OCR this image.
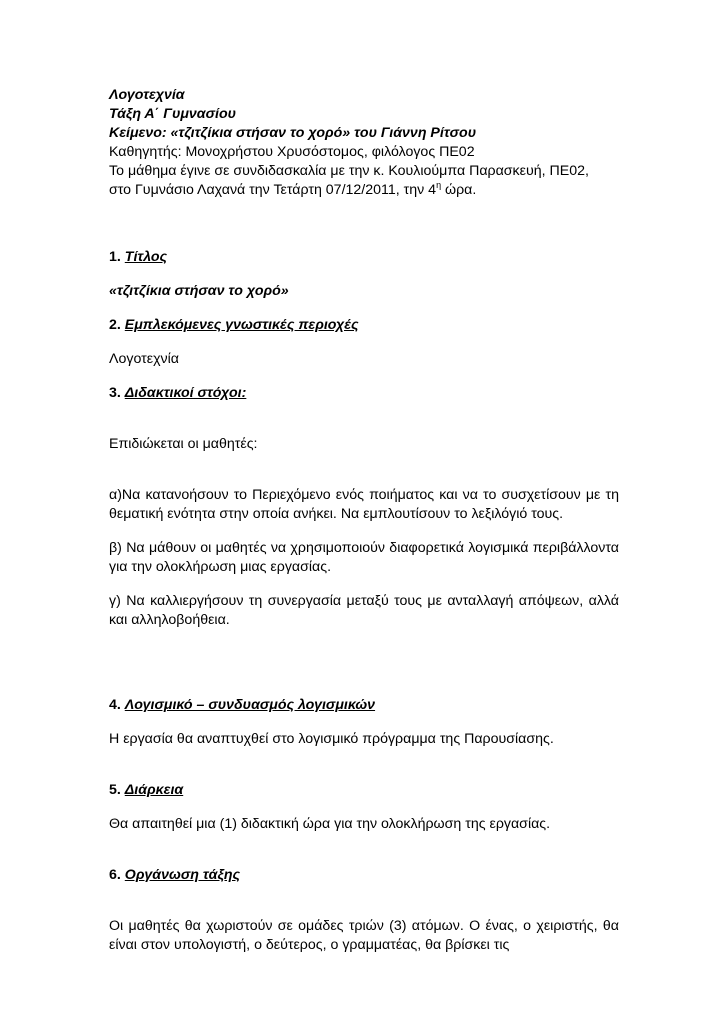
Λογοτεχνία

Τάξη Α΄ Γυμνασίου

Κείμενο: «τζιτζίκια στήσαν το χορό» του Γιάννη Ρίτσου

Καθηγητής: Μονοχρήστου Χρυσόστομος, φιλόλογος ΠΕ02

Το μάθημα έγινε σε συνδιδασκαλία με την κ. Κουλιούμπα Παρασκευή, ΠΕ02,

στο Γυμνάσιο Λαχανά την Τετάρτη 07/12/2011, την $4^\eta$ ώρα.

1. Τίτλος

«τζιτζίκια στήσαν το χορό»

2. Εμπλεκόμενες γνωστικές περιοχές

Λογοτεχνία

3. Διδακτικοί στόχοι:

Επιδιώκεται οι μαθητές:

α)Να κατανοήσουν το Περιεχόμενο ενός ποιήματος και να το συσχετίσουν με τη θεματική ενότητα στην οποία ανήκει. Να εμπλουτίσουν το λεξιλόγιό τους.

β) Να μάθουν οι μαθητές να χρησιμοποιούν διαφορετικά λογισμικά περιβάλλοντα για την ολοκλήρωση μιας εργασίας.

γ) Να καλλιεργήσουν τη συνεργασία μεταξύ τους με ανταλλαγή απόψεων, αλλά και αλληλοβοήθεια.

4. Λογισμικό – συνδυασμός λογισμικών

Η εργασία θα αναπτυχθεί στο λογισμικό πρόγραμμα της Παρουσίασης.

5. Διάρκεια

Θα απαιτηθεί μια (1) διδακτική ώρα για την ολοκλήρωση της εργασίας.

6. Οργάνωση τάξης

Οι μαθητές θα χωριστούν σε ομάδες τριών (3) ατόμων. Ο ένας, ο χειριστής, θα είναι στον υπολογιστή, ο δεύτερος, ο γραμματέας, θα βρίσκει τις
